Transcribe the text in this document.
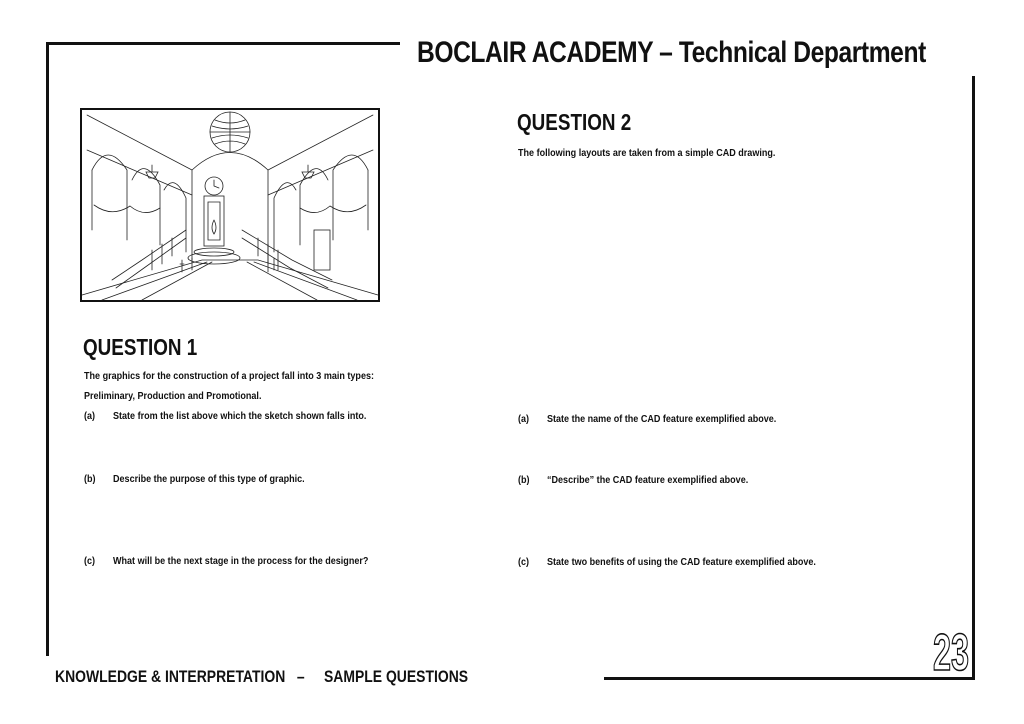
BOCLAIR ACADEMY – Technical Department
QUESTION 1
The graphics for the construction of a project fall into 3 main types:
Preliminary, Production and Promotional.
(a) State from the list above which the sketch shown falls into.
(b) Describe the purpose of this type of graphic.
(c) What will be the next stage in the process for the designer?
QUESTION 2
The following layouts are taken from a simple CAD drawing.
(a) State the name of the CAD feature exemplified above.
(b) “Describe” the CAD feature exemplified above.
(c) State two benefits of using the CAD feature exemplified above.
KNOWLEDGE & INTERPRETATION   –     SAMPLE QUESTIONS	23
